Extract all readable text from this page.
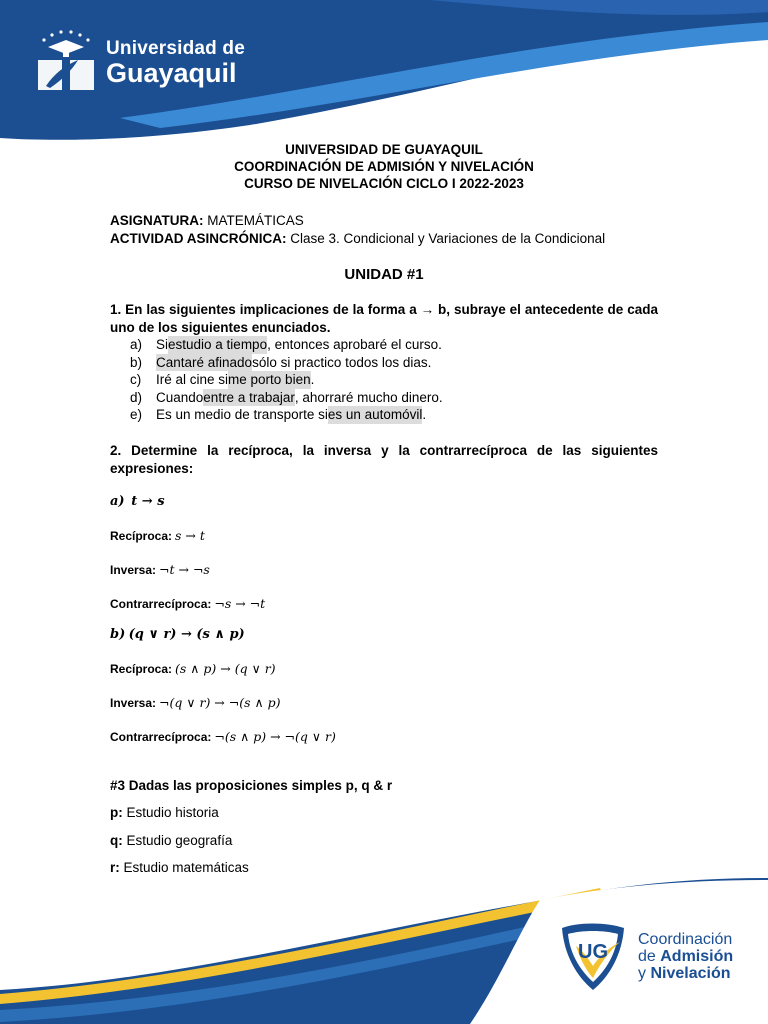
Universidad de
Guayaquil
UNIVERSIDAD DE GUAYAQUIL
COORDINACIÓN DE ADMISIÓN Y NIVELACIÓN
CURSO DE NIVELACIÓN CICLO I 2022-2023
ASIGNATURA: MATEMÁTICAS
ACTIVIDAD ASINCRÓNICA: Clase 3. Condicional y Variaciones de la Condicional
UNIDAD #1
1. En las siguientes implicaciones de la forma a → b, subraye el antecedente de cada uno de los siguientes enunciados.
a)	Si estudio a tiempo , entonces aprobaré el curso.
b)	Cantaré afinado sólo si practico todos los dias.
c)	Iré al cine si me porto bien .
d)	Cuando entre a trabajar , ahorraré mucho dinero.
e)	Es un medio de transporte si es un automóvil .
2. Determine la recíproca, la inversa y la contrarrecíproca de las siguientes expresiones:
a) t → s
Recíproca: s → t
Inversa: ¬t → ¬s
Contrarrecíproca: ¬s → ¬t
b) (q ∨ r) → (s ∧ p)
Recíproca: (s ∧ p) → (q ∨ r)
Inversa: ¬(q ∨ r) → ¬(s ∧ p)
Contrarrecíproca: ¬(s ∧ p) → ¬(q ∨ r)
#3 Dadas las proposiciones simples p, q & r
p: Estudio historia
q: Estudio geografía
r: Estudio matemáticas
UG
Coordinación
de Admisión
y Nivelación
